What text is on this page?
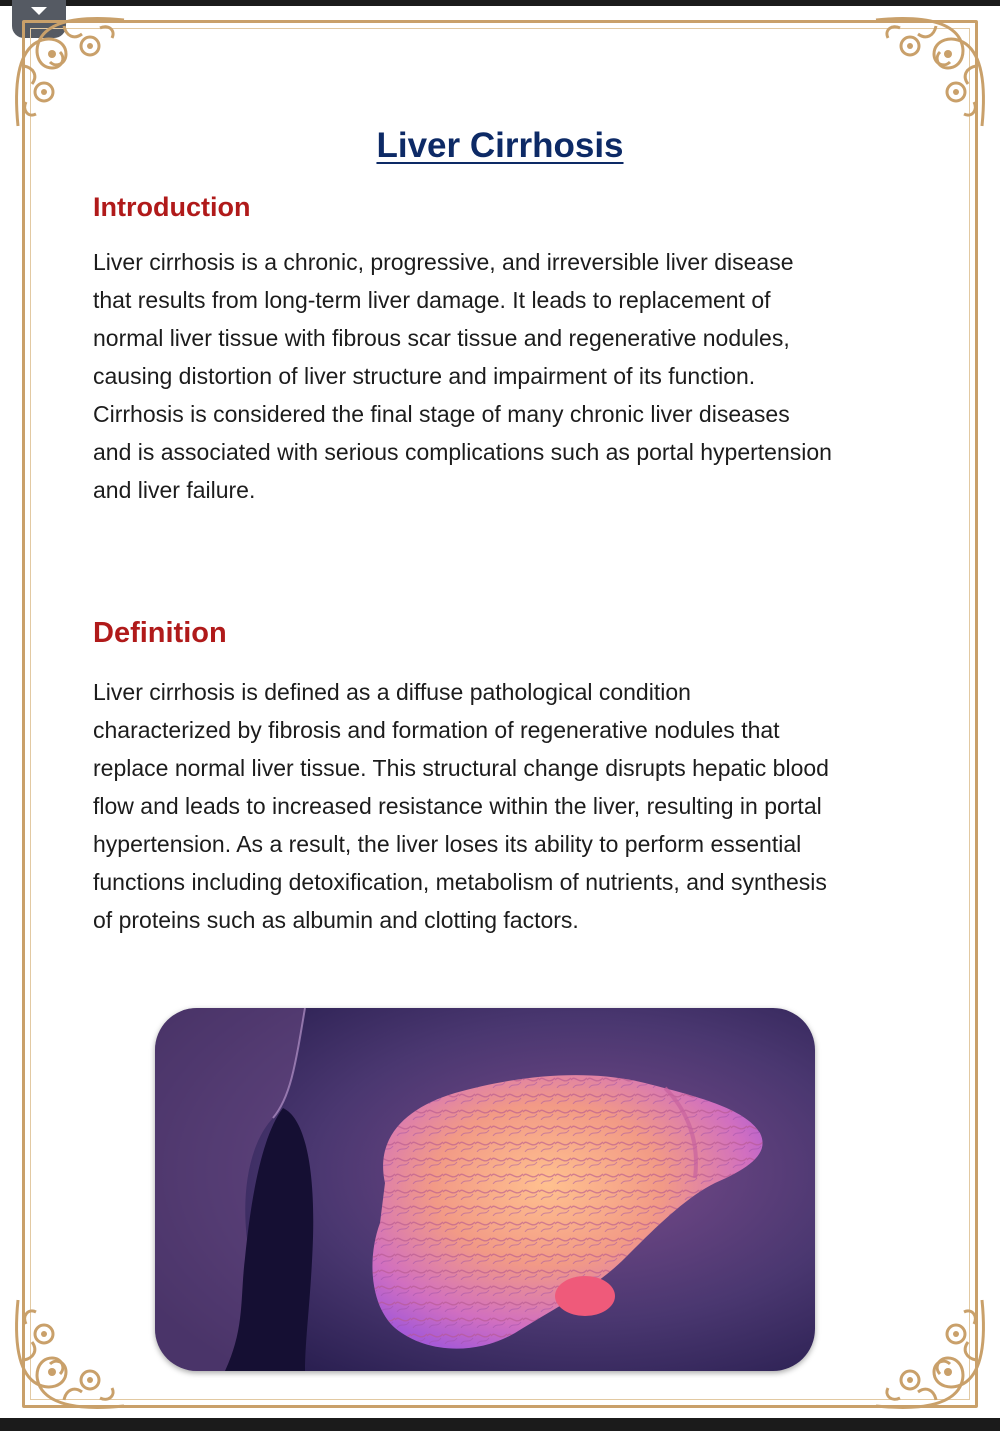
Liver Cirrhosis
Introduction

Liver cirrhosis is a chronic, progressive, and irreversible liver disease that results from long-term liver damage. It leads to replacement of normal liver tissue with fibrous scar tissue and regenerative nodules, causing distortion of liver structure and impairment of its function. Cirrhosis is considered the final stage of many chronic liver diseases and is associated with serious complications such as portal hypertension and liver failure.

Definition

Liver cirrhosis is defined as a diffuse pathological condition characterized by fibrosis and formation of regenerative nodules that replace normal liver tissue. This structural change disrupts hepatic blood flow and leads to increased resistance within the liver, resulting in portal hypertension. As a result, the liver loses its ability to perform essential functions including detoxification, metabolism of nutrients, and synthesis of proteins such as albumin and clotting factors.
